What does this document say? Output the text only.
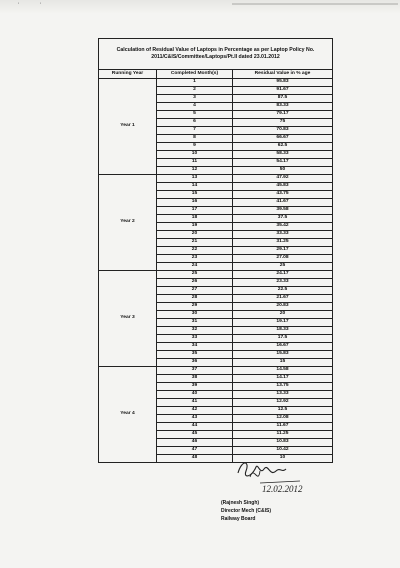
'	'
Calculation of Residual Value of Laptops in Percentage as per Laptop Policy No. 2011/C&IS/Committee/Laptops/Pt.II dated 23.01.2012		
Running Year	Completed Month(s)	Residual Value in % age
Year 1	1	95.83
	2	91.67
	3	87.5
	4	83.33
	5	79.17
	6	75
	7	70.83
	8	66.67
	9	62.5
	10	58.33
	11	54.17
	12	50
Year 2	13	47.92
	14	45.83
	15	43.75
	16	41.67
	17	39.58
	18	37.5
	19	35.42
	20	33.33
	21	31.25
	22	29.17
	23	27.08
	24	25
Year 3	25	24.17
	26	23.33
	27	22.5
	28	21.67
	29	20.83
	30	20
	31	19.17
	32	18.33
	33	17.5
	34	16.67
	35	15.83
	36	15
Year 4	37	14.58
	38	14.17
	39	13.75
	40	13.33
	41	12.92
	42	12.5
	43	12.08
	44	11.67
	45	11.25
	46	10.83
	47	10.42
	48	10
12.02.2012
(Rajnesh Singh)
Director Mech (C&IS)
Railway Board
